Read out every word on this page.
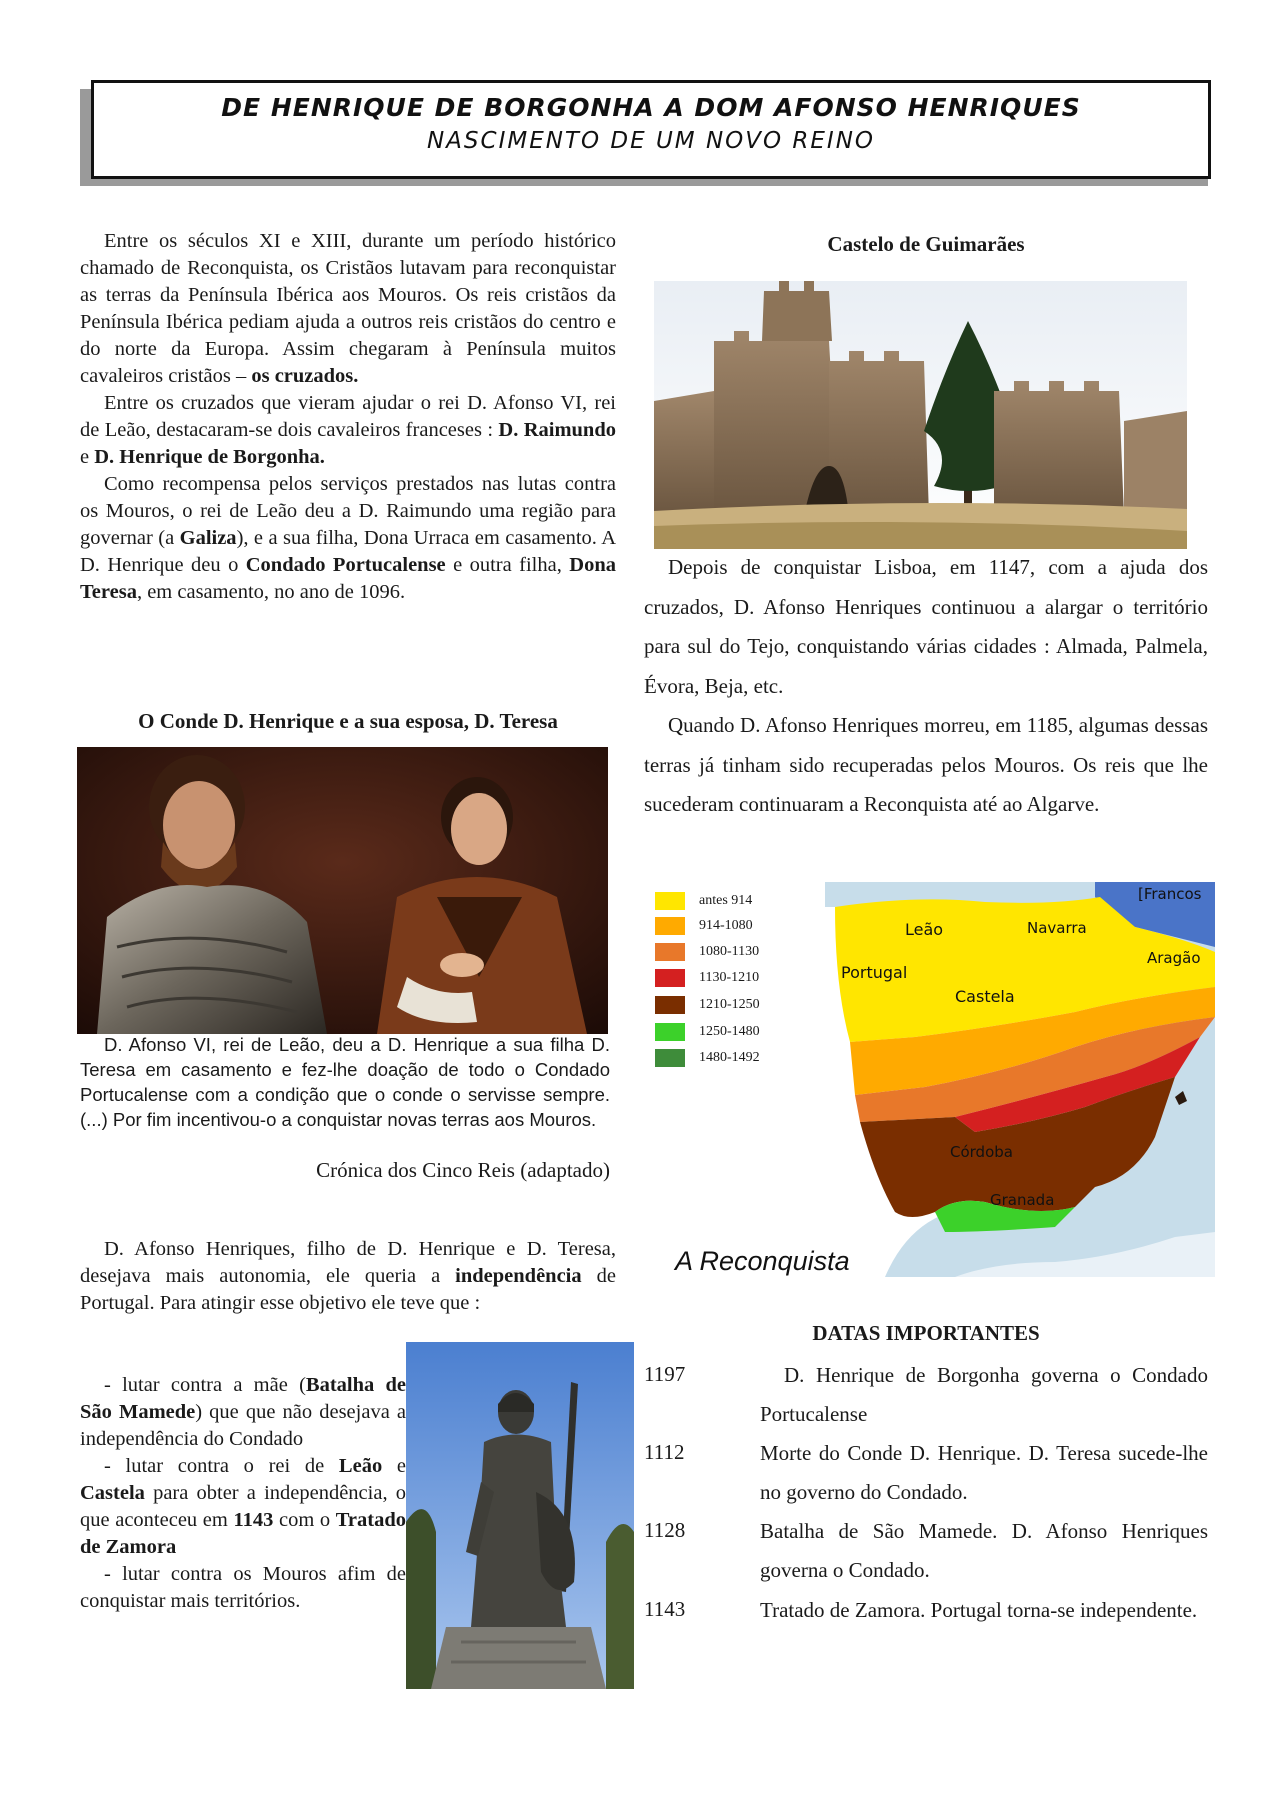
DE HENRIQUE DE BORGONHA A DOM AFONSO HENRIQUES
NASCIMENTO DE UM NOVO REINO

Entre os séculos XI e XIII, durante um período histórico chamado de Reconquista, os Cristãos lutavam para reconquistar as terras da Península Ibérica aos Mouros. Os reis cristãos da Península Ibérica pediam ajuda a outros reis cristãos do centro e do norte da Europa. Assim chegaram à Península muitos cavaleiros cristãos – os cruzados.

Entre os cruzados que vieram ajudar o rei D. Afonso VI, rei de Leão, destacaram-se dois cavaleiros franceses : D. Raimundo e D. Henrique de Borgonha.

Como recompensa pelos serviços prestados nas lutas contra os Mouros, o rei de Leão deu a D. Raimundo uma região para governar (a Galiza), e a sua filha, Dona Urraca em casamento. A D. Henrique deu o Condado Portucalense e outra filha, Dona Teresa, em casamento, no ano de 1096.

O Conde D. Henrique e a sua esposa, D. Teresa
D. Afonso VI, rei de Leão, deu a D. Henrique a sua filha D. Teresa em casamento e fez-lhe doação de todo o Condado Portucalense com a condição que o conde o servisse sempre.(...) Por fim incentivou-o a conquistar novas terras aos Mouros.
Crónica dos Cinco Reis (adaptado)

D. Afonso Henriques, filho de D. Henrique e D. Teresa, desejava mais autonomia, ele queria a independência de Portugal. Para atingir esse objetivo ele teve que :

- lutar contra a mãe (Batalha de São Mamede) que que não desejava a independência do Condado

- lutar contra o rei de Leão e Castela para obter a independência, o que aconteceu em 1143 com o Tratado de Zamora

- lutar contra os Mouros afim de conquistar mais territórios.

Castelo de Guimarães

Depois de conquistar Lisboa, em 1147, com a ajuda dos cruzados, D. Afonso Henriques continuou a alargar o território para sul do Tejo, conquistando várias cidades : Almada, Palmela, Évora, Beja, etc.

Quando D. Afonso Henriques morreu, em 1185, algumas dessas terras já tinham sido recuperadas pelos Mouros. Os reis que lhe sucederam continuaram a Reconquista até ao Algarve.

Leão	Navarra
[Francos
Aragão
Portugal
Castela
Córdoba
Granada
A Reconquista
antes 914
914-1080
1080-1130
1130-1210
1210-1250
1250-1480
1480-1492
DATAS IMPORTANTES
1197	D. Henrique de Borgonha governa o Condado Portucalense
1112	Morte do Conde D. Henrique. D. Teresa sucede-lhe no governo do Condado.
1128	Batalha de São Mamede. D. Afonso Henriques governa o Condado.
1143	Tratado de Zamora. Portugal torna-se independente.
